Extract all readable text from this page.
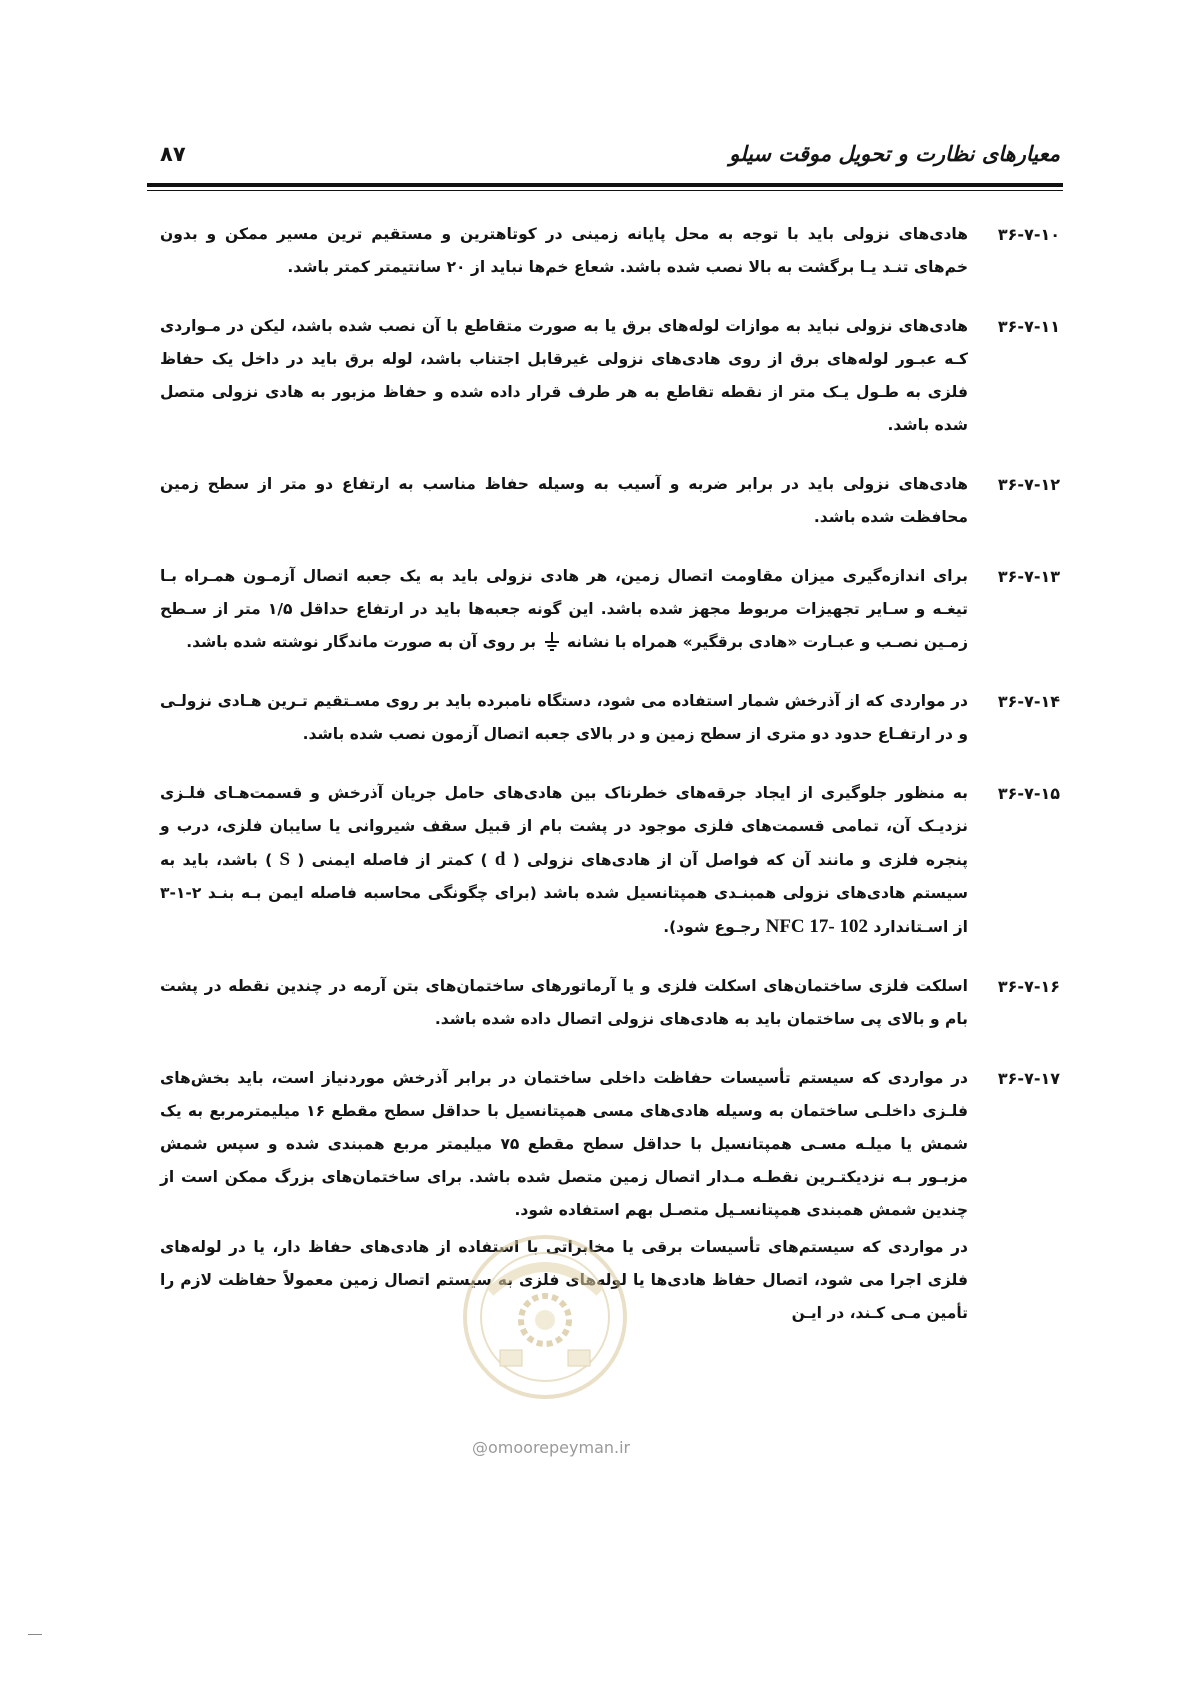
معیارهای نظارت و تحویل موقت سیلو
۸۷
۳۶-۷-۱۰
هادی‌های نزولی باید با توجه به محل پایانه زمینی در کوتاهترین و مستقیم ترین مسیر ممکن و بدون خم‌های تنـد یـا برگشت به بالا نصب شده باشد. شعاع خم‌ها نباید از ۲۰ سانتیمتر کمتر باشد.
۳۶-۷-۱۱
هادی‌های نزولی نباید به موازات لوله‌های برق یا به صورت متقاطع با آن نصب شده باشد، لیکن در مـواردی کـه عبـور لوله‌های برق از روی هادی‌های نزولی غیرقابل اجتناب باشد، لوله برق باید در داخل یک حفاظ فلزی به طـول یـک متر از نقطه تقاطع به هر طرف قرار داده شده و حفاظ مزبور به هادی نزولی متصل شده باشد.
۳۶-۷-۱۲
هادی‌های نزولی باید در برابر ضربه و آسیب به وسیله حفاظ مناسب به ارتفاع دو متر از سطح زمین محافظت شده باشد.
۳۶-۷-۱۳
برای اندازه‌گیری میزان مقاومت اتصال زمین، هر هادی نزولی باید به یک جعبه اتصال آزمـون همـراه بـا تیغـه و سـایر تجهیزات مربوط مجهز شده باشد. این گونه جعبه‌ها باید در ارتفاع حداقل ۱/۵ متر از سـطح زمـین نصـب و عبـارت «هادی برقگیر» همراه با نشانه  بر روی آن به صورت ماندگار نوشته شده باشد.
۳۶-۷-۱۴
در مواردی که از آذرخش شمار استفاده می شود، دستگاه نامبرده باید بر روی مسـتقیم تـرین هـادی نزولـی و در ارتفـاع حدود دو متری از سطح زمین و در بالای جعبه اتصال آزمون نصب شده باشد.
۳۶-۷-۱۵
به منظور جلوگیری از ایجاد جرقه‌های خطرناک بین هادی‌های حامل جریان آذرخش و قسمت‌هـای فلـزی نزدیـک آن، تمامی قسمت‌های فلزی موجود در پشت بام از قبیل سقف شیروانی یا سایبان فلزی، درب و پنجره فلزی و مانند آن که فواصل آن از هادی‌های نزولی ( d ) کمتر از فاصله ایمنی ( S ) باشد، باید به سیستم هادی‌های نزولی همبنـدی همپتانسیل شده باشد (برای چگونگی محاسبه فاصله ایمن بـه بنـد ۲-۱-۳ از اسـتاندارد NFC 17- 102 رجـوع شود).
۳۶-۷-۱۶
اسلکت فلزی ساختمان‌های اسکلت فلزی و یا آرماتورهای ساختمان‌های بتن آرمه در چندین نقطه در پشت بام و بالای پی ساختمان باید به هادی‌های نزولی اتصال داده شده باشد.
۳۶-۷-۱۷
در مواردی که سیستم تأسیسات حفاظت داخلی ساختمان در برابر آذرخش موردنیاز است، باید بخش‌های فلـزی داخلـی ساختمان به وسیله هادی‌های مسی همپتانسیل با حداقل سطح مقطع ۱۶ میلیمترمربع به یک شمش یا میلـه مسـی همپتانسیل با حداقل سطح مقطع ۷۵ میلیمتر مربع همبندی شده و سپس شمش مزبـور بـه نزدیکتـرین نقطـه مـدار اتصال زمین متصل شده باشد. برای ساختمان‌های بزرگ ممکن است از چندین شمش همبندی همپتانسـیل متصـل بهم استفاده شود.
در مواردی که سیستم‌های تأسیسات برقی یا مخابراتی با استفاده از هادی‌های حفاظ دار، یا در لوله‌های فلزی اجرا می شود، اتصال حفاظ هادی‌ها یا لوله‌های فلزی به سیستم اتصال زمین معمولاً حفاظت لازم را تأمین مـی کـند، در ایـن
@omoorepeyman.ir
